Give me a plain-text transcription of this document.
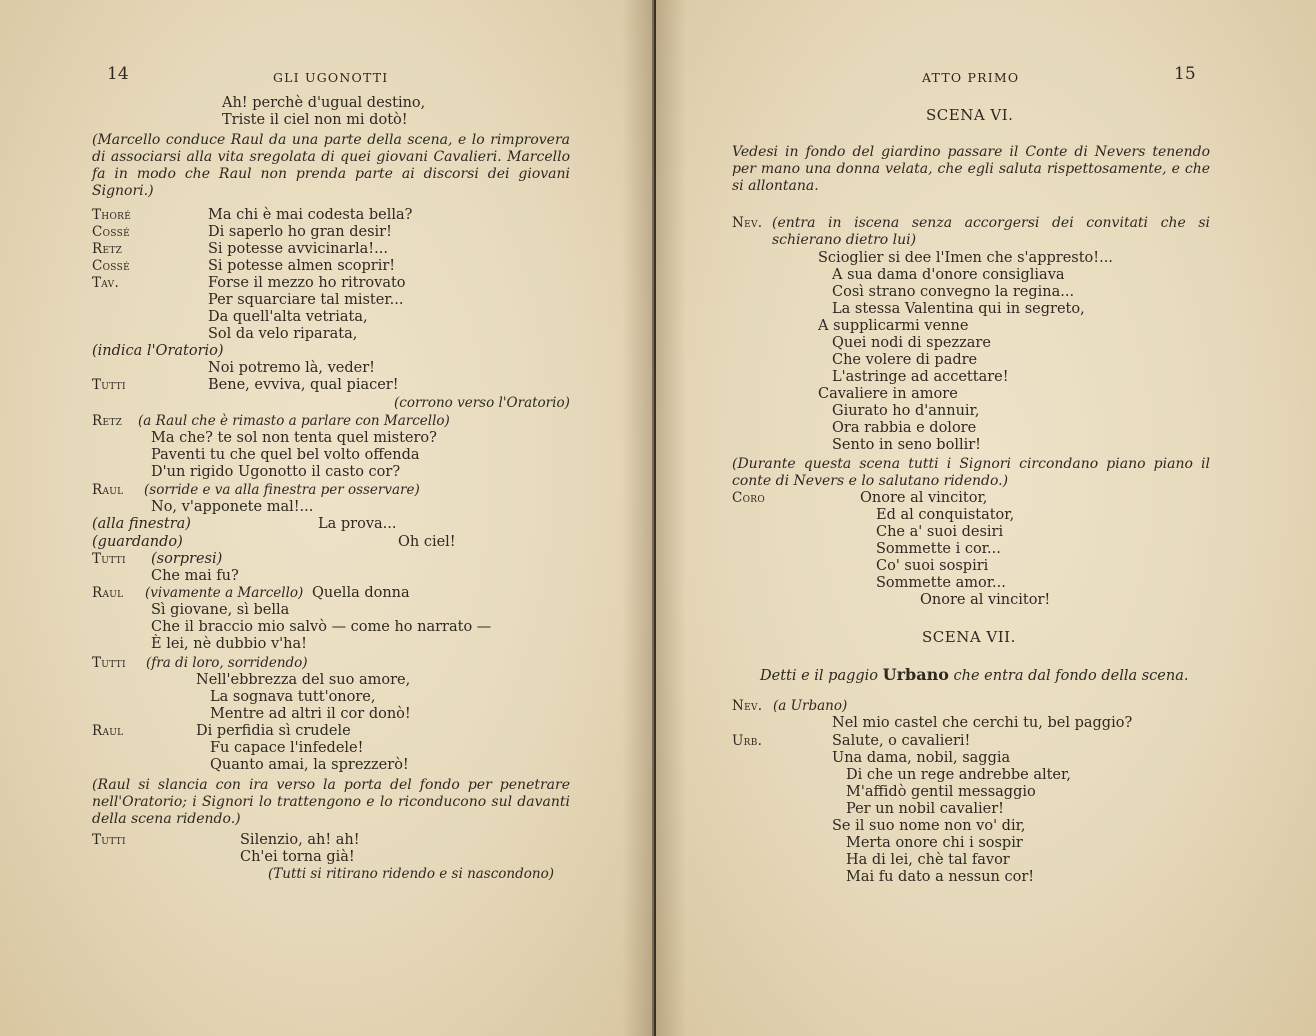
14	GLI UGONOTTI
Ah! perchè d'ugual destino,
Triste il ciel non mi dotò!
(Marcello conduce Raul da una parte della scena, e lo rimprovera di associarsi alla vita sregolata di quei giovani Cavalieri. Marcello fa in modo che Raul non prenda parte ai discorsi dei giovani Signori.)
Thoré	Ma chi è mai codesta bella?
Cossé	Di saperlo ho gran desir!
Retz	Si potesse avvicinarla!...
Cossé	Si potesse almen scoprir!
Tav.	Forse il mezzo ho ritrovato
Per squarciare tal mister...
Da quell'alta vetriata,
Sol da velo riparata,
(indica l'Oratorio)
Noi potremo là, veder!
Tutti	Bene, evviva, qual piacer!
(corrono verso l'Oratorio)
Retz (a Raul che è rimasto a parlare con Marcello)
Ma che? te sol non tenta quel mistero?
Paventi tu che quel bel volto offenda
D'un rigido Ugonotto il casto cor?
Raul (sorride e va alla finestra per osservare)
No, v'apponete mal!...
(alla finestra)	La prova...
(guardando)	Oh ciel!
Tutti (sorpresi)
Che mai fu?
Raul (vivamente a Marcello) Quella donna
Sì giovane, sì bella
Che il braccio mio salvò — come ho narrato —
È lei, nè dubbio v'ha!
Tutti (fra di loro, sorridendo)
Nell'ebbrezza del suo amore,
La sognava tutt'onore,
Mentre ad altri il cor donò!
Raul	Di perfidia sì crudele
Fu capace l'infedele!
Quanto amai, la sprezzerò!
(Raul si slancia con ira verso la porta del fondo per penetrare nell'Oratorio; i Signori lo trattengono e lo riconducono sul davanti della scena ridendo.)
Tutti	Silenzio, ah! ah!
Ch'ei torna già!
(Tutti si ritirano ridendo e si nascondono)
ATTO PRIMO	15
SCENA VI.
Vedesi in fondo del giardino passare il Conte di Nevers tenendo per mano una donna velata, che egli saluta rispettosamente, e che si allontana.
Nev. (entra in iscena senza accorgersi dei convitati che si schierano dietro lui)
Scioglier si dee l'Imen che s'appresto!...
A sua dama d'onore consigliava
Così strano convegno la regina...
La stessa Valentina qui in segreto,
A supplicarmi venne
Quei nodi di spezzare
Che volere di padre
L'astringe ad accettare!
Cavaliere in amore
Giurato ho d'annuir,
Ora rabbia e dolore
Sento in seno bollir!
(Durante questa scena tutti i Signori circondano piano piano il conte di Nevers e lo salutano ridendo.)
Coro	Onore al vincitor,
Ed al conquistator,
Che a' suoi desiri
Sommette i cor...
Co' suoi sospiri
Sommette amor...
Onore al vincitor!
SCENA VII.
Detti e il paggio Urbano che entra dal fondo della scena.
Nev. (a Urbano)
Nel mio castel che cerchi tu, bel paggio?
Urb.	Salute, o cavalieri!
Una dama, nobil, saggia
Di che un rege andrebbe alter,
M'affidò gentil messaggio
Per un nobil cavalier!
Se il suo nome non vo' dir,
Merta onore chi i sospir
Ha di lei, chè tal favor
Mai fu dato a nessun cor!
